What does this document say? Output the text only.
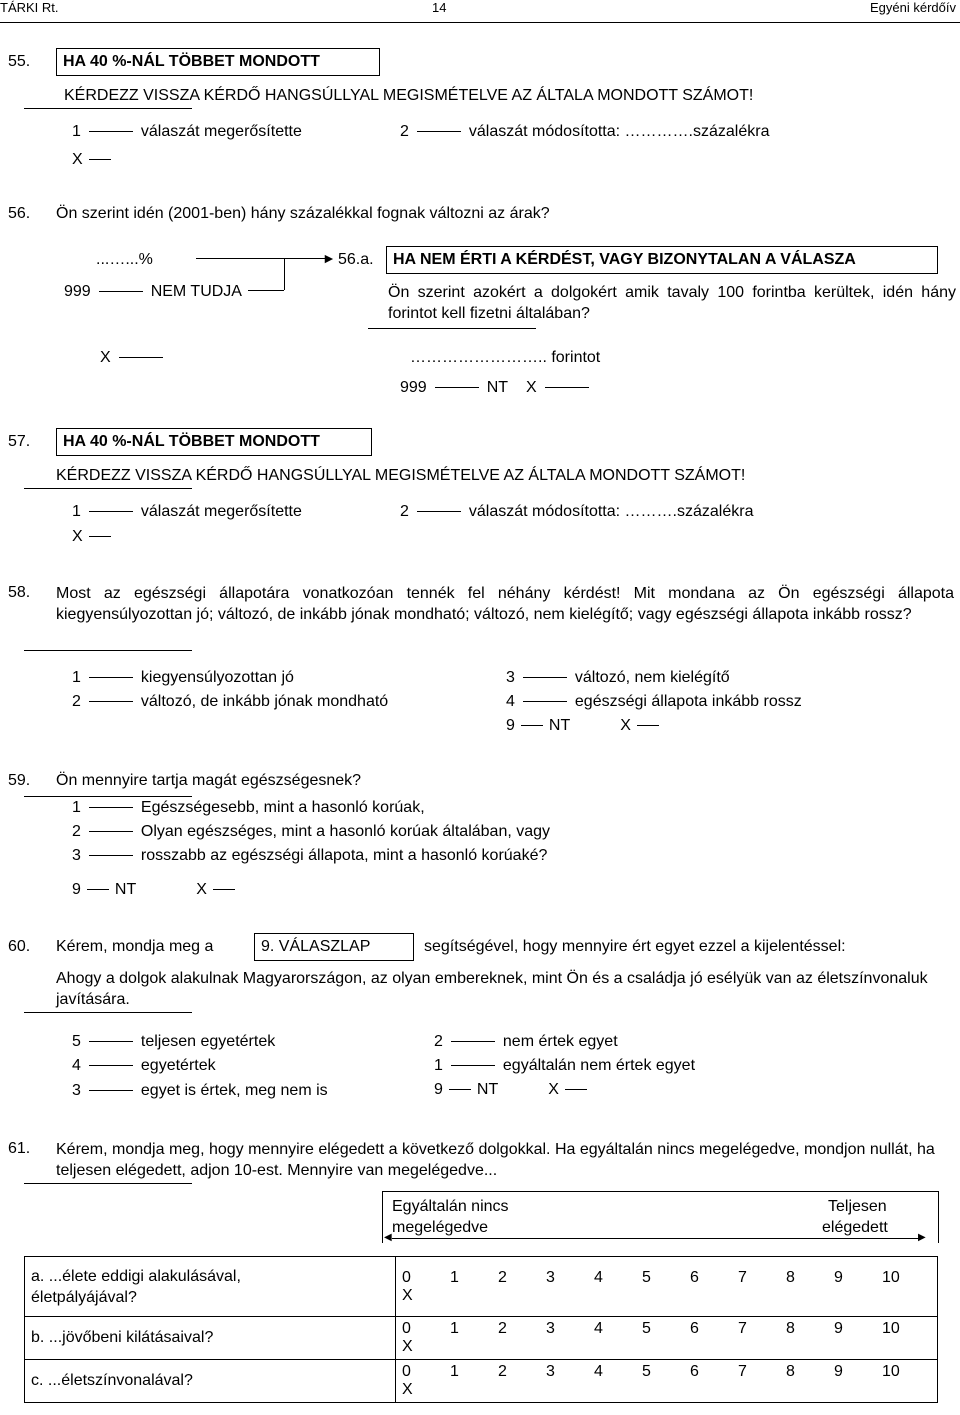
TÁRKI Rt.	14	Egyéni kérdőív
55.	HA 40 %-NÁL TÖBBET MONDOTT
KÉRDEZZ VISSZA KÉRDŐ HANGSÚLLYAL MEGISMÉTELVE AZ ÁLTALA MONDOTT SZÁMOT!
1	válaszát megerősítette	2	válaszát módosította: ………….százalékra
X
56. Ön szerint idén (2001-ben) hány százalékkal fognak változni az árak?
...…...%
999	NEM TUDJA
X
► 56.a.	HA NEM ÉRTI A KÉRDÉST, VAGY BIZONYTALAN A VÁLASZA
Ön szerint azokért a dolgokért amik tavaly 100 forintba kerültek, idén hány forintot kell fizetni általában?
…………………….. forintot
999	NT X
57.	HA 40 %-NÁL TÖBBET MONDOTT
KÉRDEZZ VISSZA KÉRDŐ HANGSÚLLYAL MEGISMÉTELVE AZ ÁLTALA MONDOTT SZÁMOT!
1	válaszát megerősítette	2	válaszát módosította: ……….százalékra
X
58. Most az egészségi állapotára vonatkozóan tennék fel néhány kérdést! Mit mondana az Ön egészségi állapota kiegyensúlyozottan jó; változó, de inkább jónak mondható; változó, nem kielégítő; vagy egészségi állapota inkább rossz?
1	kiegyensúlyozottan jó
2	változó, de inkább jónak mondható
3	változó, nem kielégítő
4	egészségi állapota inkább rossz
9 NT	X
59. Ön mennyire tartja magát egészségesnek?
1	Egészségesebb, mint a hasonló korúak,
2	Olyan egészséges, mint a hasonló korúak általában, vagy
3	rosszabb az egészségi állapota, mint a hasonló korúaké?
9 NT	X
60. Kérem, mondja meg a	9. VÁLASZLAP	segítségével, hogy mennyire ért egyet ezzel a kijelentéssel:
Ahogy a dolgok alakulnak Magyarországon, az olyan embereknek, mint Ön és a családja jó esélyük van az életszínvonaluk javítására.
5	teljesen egyetértek
4	egyetértek
3	egyet is értek, meg nem is
2	nem értek egyet
1	egyáltalán nem értek egyet
9 NT	X
61. Kérem, mondja meg, hogy mennyire elégedett a következő dolgokkal. Ha egyáltalán nincs megelégedve, mondjon nullát, ha teljesen elégedett, adjon 10-est. Mennyire van megelégedve...
Egyáltalán nincs
megelégedve
Teljesen
elégedett
◀	▶
a. ...élete eddigi alakulásával,
életpályájával?	0 1 2 3 4 5 6 7 8 9 10X
b. ...jövőbeni kilátásaival?	0 1 2 3 4 5 6 7 8 9 10X
c. ...életszínvonalával?	0 1 2 3 4 5 6 7 8 9 10X
